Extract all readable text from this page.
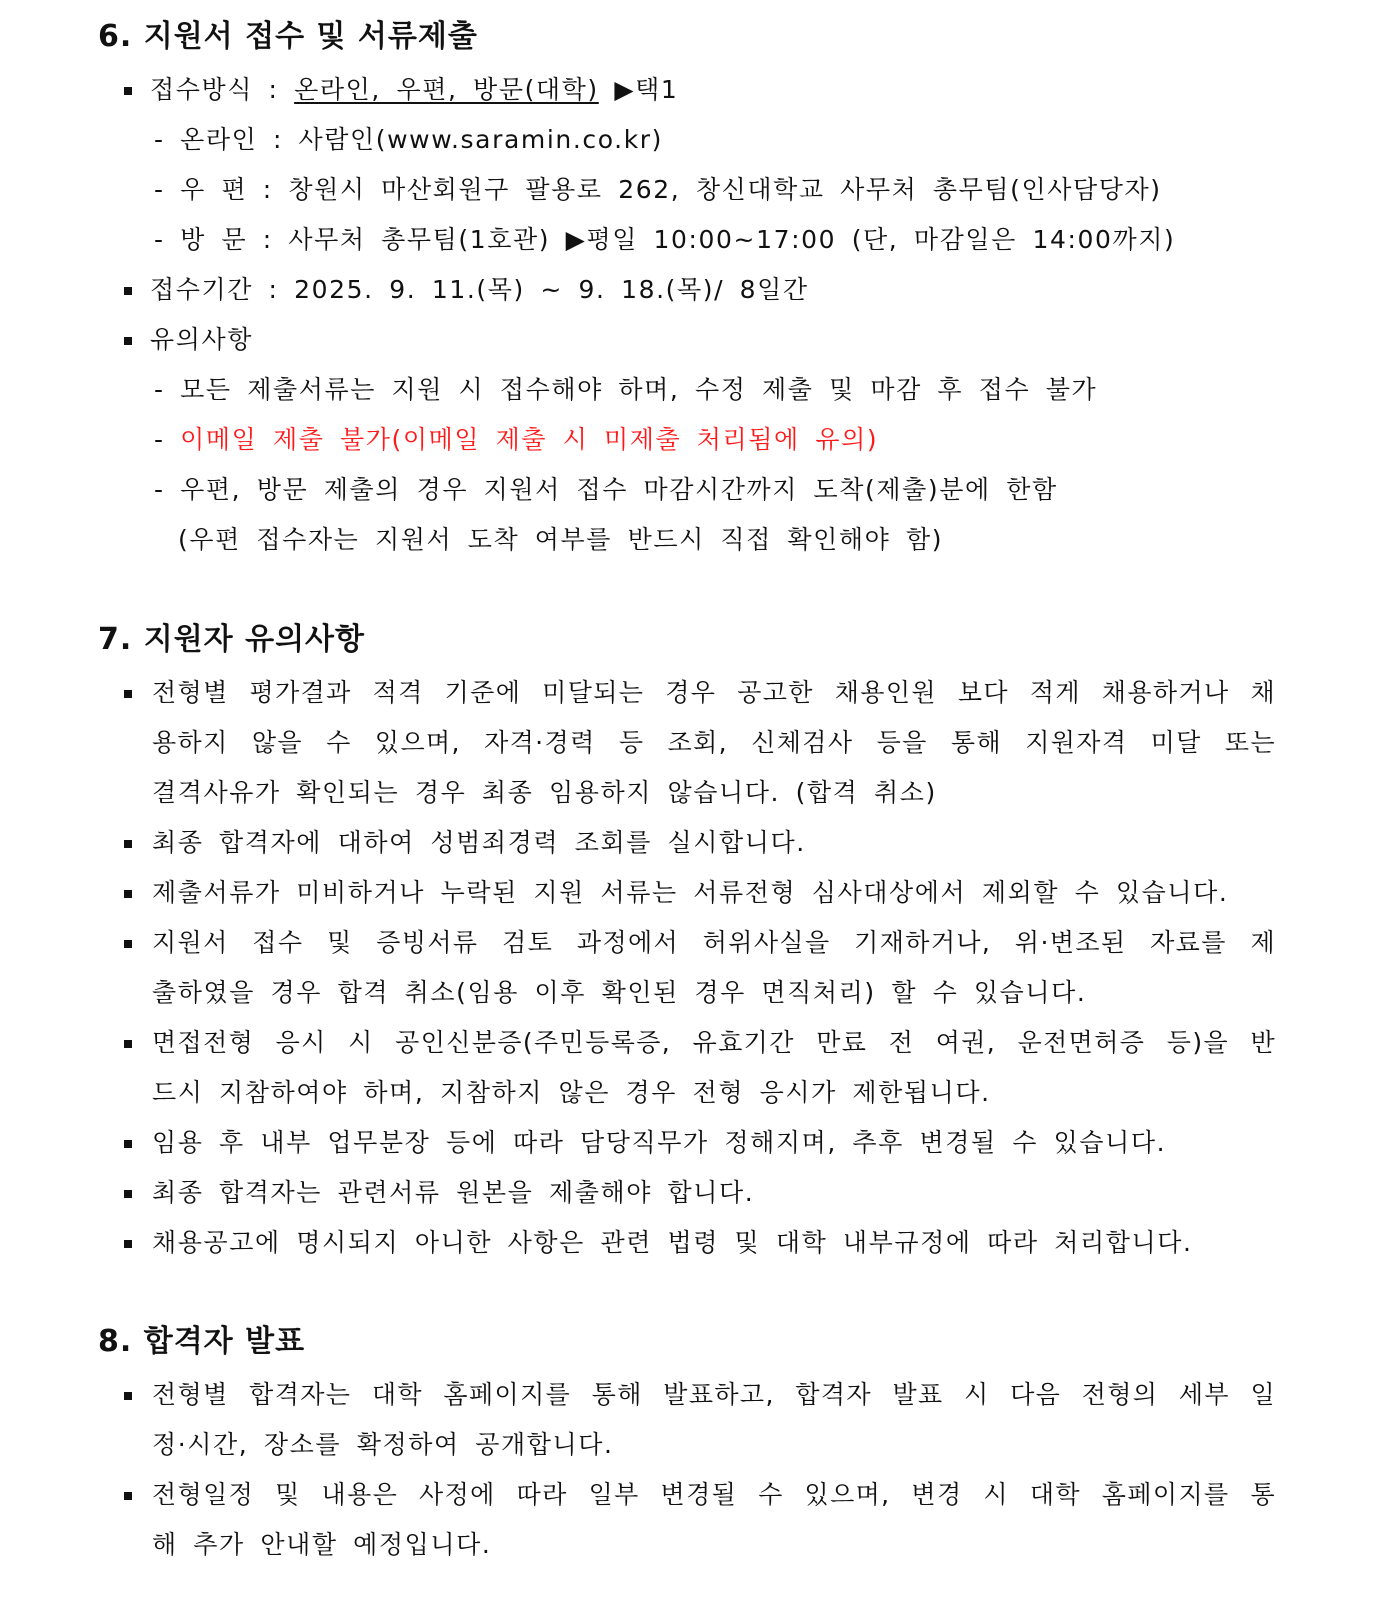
6. 지원서 접수 및 서류제출
접수방식 : 온라인, 우편, 방문(대학) ▶택1
- 온라인 : 사람인(www.saramin.co.kr)
- 우 편 : 창원시 마산회원구 팔용로 262, 창신대학교 사무처 총무팀(인사담당자)
- 방 문 : 사무처 총무팀(1호관) ▶평일 10:00~17:00 (단, 마감일은 14:00까지)
접수기간 : 2025. 9. 11.(목) ~ 9. 18.(목)/ 8일간
유의사항
- 모든 제출서류는 지원 시 접수해야 하며, 수정 제출 및 마감 후 접수 불가
- 이메일 제출 불가(이메일 제출 시 미제출 처리됨에 유의)
- 우편, 방문 제출의 경우 지원서 접수 마감시간까지 도착(제출)분에 한함
(우편 접수자는 지원서 도착 여부를 반드시 직접 확인해야 함)
7. 지원자 유의사항
전형별 평가결과 적격 기준에 미달되는 경우 공고한 채용인원 보다 적게 채용하거나 채
용하지 않을 수 있으며, 자격·경력 등 조회, 신체검사 등을 통해 지원자격 미달 또는
결격사유가 확인되는 경우 최종 임용하지 않습니다. (합격 취소)
최종 합격자에 대하여 성범죄경력 조회를 실시합니다.
제출서류가 미비하거나 누락된 지원 서류는 서류전형 심사대상에서 제외할 수 있습니다.
지원서 접수 및 증빙서류 검토 과정에서 허위사실을 기재하거나, 위·변조된 자료를 제
출하였을 경우 합격 취소(임용 이후 확인된 경우 면직처리) 할 수 있습니다.
면접전형 응시 시 공인신분증(주민등록증, 유효기간 만료 전 여권, 운전면허증 등)을 반
드시 지참하여야 하며, 지참하지 않은 경우 전형 응시가 제한됩니다.
임용 후 내부 업무분장 등에 따라 담당직무가 정해지며, 추후 변경될 수 있습니다.
최종 합격자는 관련서류 원본을 제출해야 합니다.
채용공고에 명시되지 아니한 사항은 관련 법령 및 대학 내부규정에 따라 처리합니다.
8. 합격자 발표
전형별 합격자는 대학 홈페이지를 통해 발표하고, 합격자 발표 시 다음 전형의 세부 일
정·시간, 장소를 확정하여 공개합니다.
전형일정 및 내용은 사정에 따라 일부 변경될 수 있으며, 변경 시 대학 홈페이지를 통
해 추가 안내할 예정입니다.
